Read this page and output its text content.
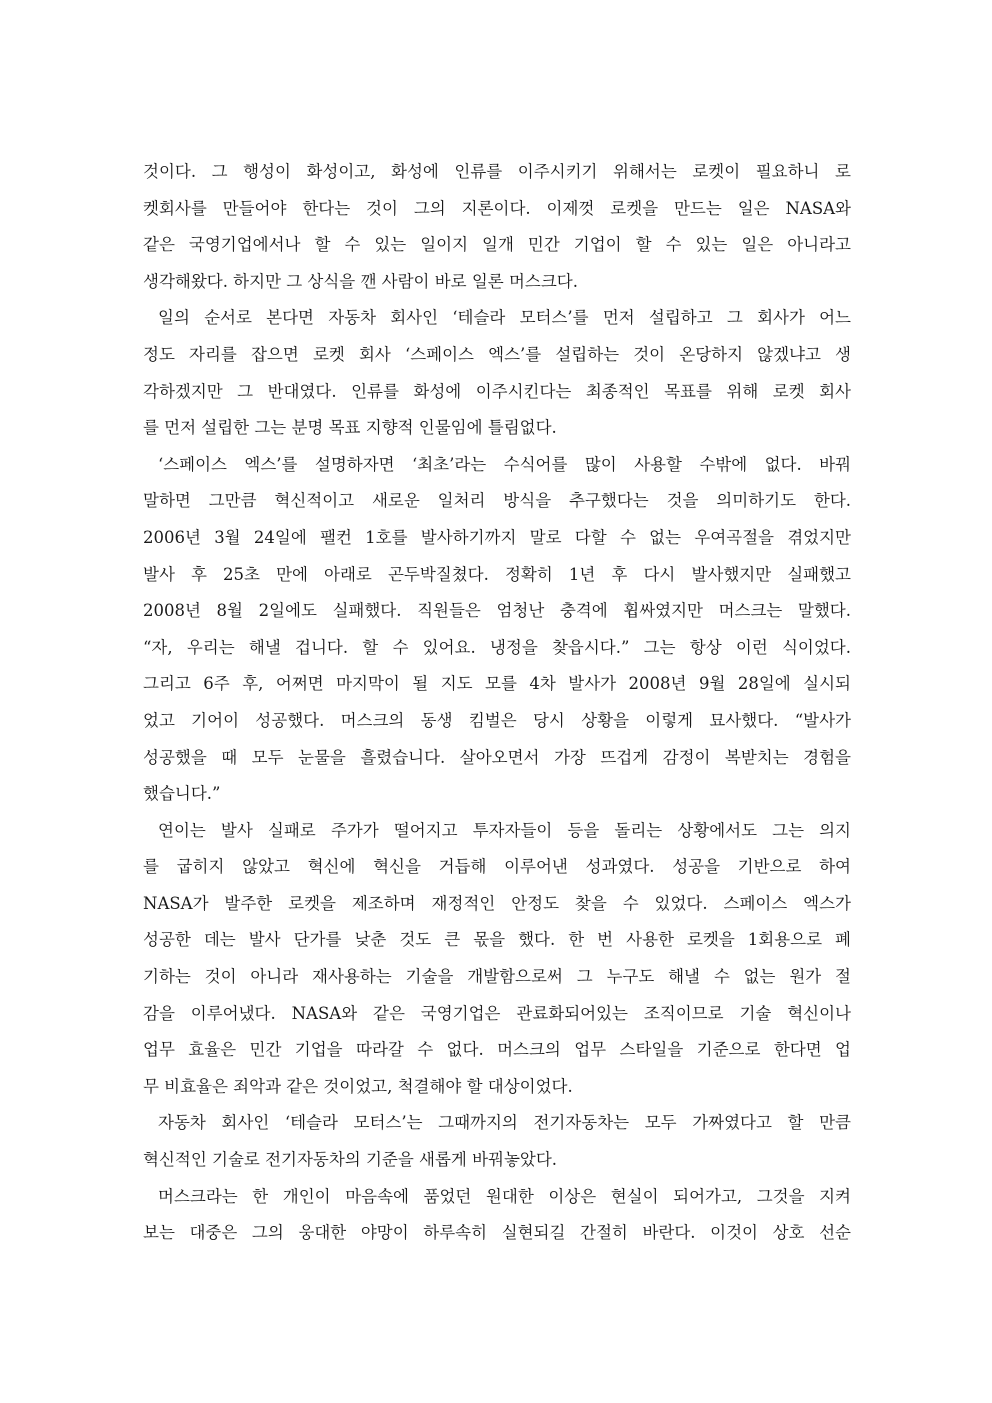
것이다. 그 행성이 화성이고, 화성에 인류를 이주시키기 위해서는 로켓이 필요하니 로
켓회사를 만들어야 한다는 것이 그의 지론이다. 이제껏 로켓을 만드는 일은 NASA와
같은 국영기업에서나 할 수 있는 일이지 일개 민간 기업이 할 수 있는 일은 아니라고
생각해왔다. 하지만 그 상식을 깬 사람이 바로 일론 머스크다.
일의 순서로 본다면 자동차 회사인 ‘테슬라 모터스’를 먼저 설립하고 그 회사가 어느
정도 자리를 잡으면 로켓 회사 ‘스페이스 엑스’를 설립하는 것이 온당하지 않겠냐고 생
각하겠지만 그 반대였다. 인류를 화성에 이주시킨다는 최종적인 목표를 위해 로켓 회사
를 먼저 설립한 그는 분명 목표 지향적 인물임에 틀림없다.
‘스페이스 엑스’를 설명하자면 ‘최초’라는 수식어를 많이 사용할 수밖에 없다. 바꿔
말하면 그만큼 혁신적이고 새로운 일처리 방식을 추구했다는 것을 의미하기도 한다.
2006년 3월 24일에 팰컨 1호를 발사하기까지 말로 다할 수 없는 우여곡절을 겪었지만
발사 후 25초 만에 아래로 곤두박질쳤다. 정확히 1년 후 다시 발사했지만 실패했고
2008년 8월 2일에도 실패했다. 직원들은 엄청난 충격에 휩싸였지만 머스크는 말했다.
“자, 우리는 해낼 겁니다. 할 수 있어요. 냉정을 찾읍시다.” 그는 항상 이런 식이었다.
그리고 6주 후, 어쩌면 마지막이 될 지도 모를 4차 발사가 2008년 9월 28일에 실시되
었고 기어이 성공했다. 머스크의 동생 킴벌은 당시 상황을 이렇게 묘사했다. “발사가
성공했을 때 모두 눈물을 흘렸습니다. 살아오면서 가장 뜨겁게 감정이 복받치는 경험을
했습니다.”
연이는 발사 실패로 주가가 떨어지고 투자자들이 등을 돌리는 상황에서도 그는 의지
를 굽히지 않았고 혁신에 혁신을 거듭해 이루어낸 성과였다. 성공을 기반으로 하여
NASA가 발주한 로켓을 제조하며 재정적인 안정도 찾을 수 있었다. 스페이스 엑스가
성공한 데는 발사 단가를 낮춘 것도 큰 몫을 했다. 한 번 사용한 로켓을 1회용으로 폐
기하는 것이 아니라 재사용하는 기술을 개발함으로써 그 누구도 해낼 수 없는 원가 절
감을 이루어냈다. NASA와 같은 국영기업은 관료화되어있는 조직이므로 기술 혁신이나
업무 효율은 민간 기업을 따라갈 수 없다. 머스크의 업무 스타일을 기준으로 한다면 업
무 비효율은 죄악과 같은 것이었고, 척결해야 할 대상이었다.
자동차 회사인 ‘테슬라 모터스’는 그때까지의 전기자동차는 모두 가짜였다고 할 만큼
혁신적인 기술로 전기자동차의 기준을 새롭게 바꿔놓았다.
머스크라는 한 개인이 마음속에 품었던 원대한 이상은 현실이 되어가고, 그것을 지켜
보는 대중은 그의 웅대한 야망이 하루속히 실현되길 간절히 바란다. 이것이 상호 선순
